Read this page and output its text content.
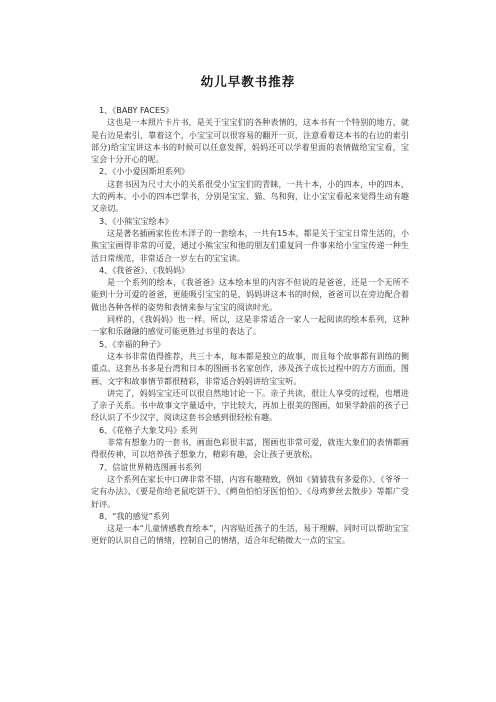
幼儿早教书推荐
1、《BABY FACES》
这也是一本照片卡片书，是关于宝宝们的各种表情的，这本书有一个特别的地方，就是右边是索引，靠着这个，小宝宝可以很容易的翻开一页，注意看着这本书的右边的索引部分)给宝宝讲这本书的时候可以任意发挥，妈妈还可以学着里面的表情做给宝宝看，宝宝会十分开心的呢。
2、《小小爱因斯坦系列》
这套书因为尺寸大小的关系很受小宝宝们的青睐，一共十本，小的四本，中的四本，大的两本。小小的四本巴掌书，分别是宝宝、猫、鸟和狗，让小宝宝看起来觉得生动有趣又亲切。
3、《小熊宝宝绘本》
这是著名插画家佐佐木洋子的一套绘本，一共有15本，都是关于宝宝日常生活的，小熊宝宝画得非常的可爱，通过小熊宝宝和他的朋友们重复同一件事来给小宝宝传递一种生活日常规范，非常适合一岁左右的宝宝读。
4、《我爸爸》、《我妈妈》
是一个系列的绘本，《我爸爸》这本绘本里的内容不但说的是爸爸，还是一个无所不能到十分可爱的爸爸，更能吸引宝宝的是，妈妈讲这本书的时候，爸爸可以在旁边配合着做出各种各样的姿势和表情来参与宝宝的阅读时光。
同样的，《我妈妈》也一样。所以，这是非常适合一家人一起阅读的绘本系列，这种一家和乐融融的感觉可能更胜过书里的表达了。
5、《幸福的种子》
这本书非常值得推荐，共三十本，每本都是独立的故事，而且每个故事都有训练的侧重点。这套丛书多是台湾和日本的图画书名家创作，涉及孩子成长过程中的方方面面，图画、文字和故事情节都很精彩，非常适合妈妈讲给宝宝听。
讲完了，妈妈宝宝还可以很自然地讨论一下。亲子共读，很让人享受的过程，也增进了亲子关系。书中故事文字量适中，字比较大，再加上很美的图画，如果学龄前的孩子已经认识了不少汉字，阅读这套书会感到很轻松有趣。
6、《花格子大象艾玛》系列
非常有想象力的一套书，画面色彩很丰富，图画也非常可爱，就连大象们的表情都画得很传神，可以培养孩子想象力，精彩有趣，会让孩子更放松。
7、信谊世界精选图画书系列
这个系列在家长中口碑非常不错，内容有趣精致，例如《猜猜我有多爱你》、《爷爷一定有办法》、《要是你给老鼠吃饼干》、《鳄鱼怕怕牙医怕怕》、《母鸡萝丝去散步》等都广受好评。
8、“我的感觉”系列
这是一本“儿童情感教育绘本”，内容贴近孩子的生活，易于理解，同时可以帮助宝宝更好的认识自己的情绪，控制自己的情绪，适合年纪稍微大一点的宝宝。
